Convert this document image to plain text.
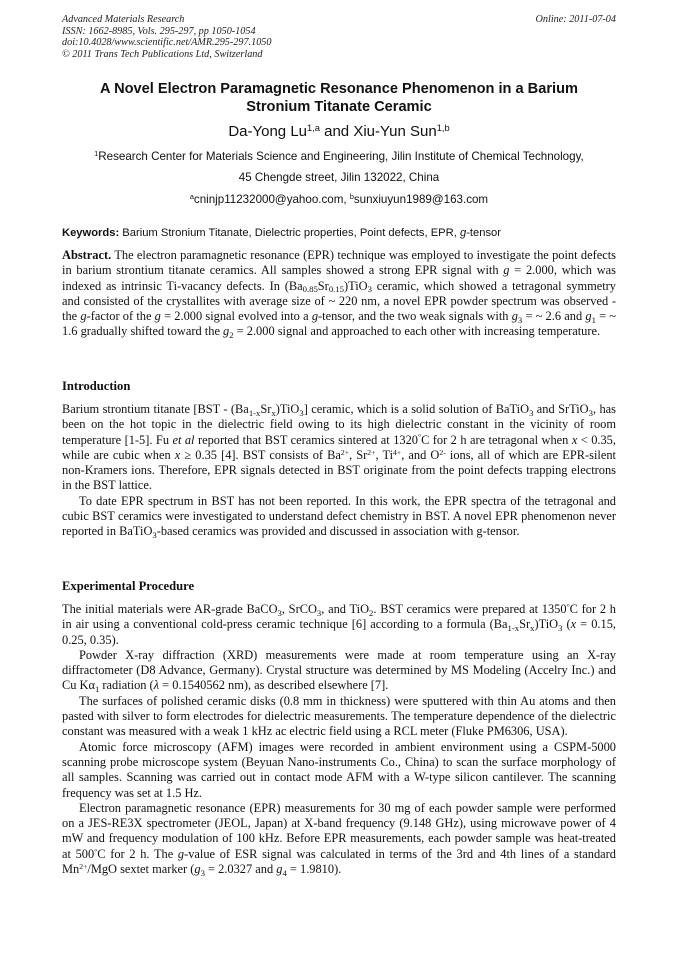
Advanced Materials Research
ISSN: 1662-8985, Vols. 295-297, pp 1050-1054
doi:10.4028/www.scientific.net/AMR.295-297.1050
© 2011 Trans Tech Publications Ltd, Switzerland
Online: 2011-07-04
A Novel Electron Paramagnetic Resonance Phenomenon in a Barium
Stronium Titanate Ceramic
Da-Yong Lu$^{1,a}$ and Xiu-Yun Sun$^{1,b}$
$^1$Research Center for Materials Science and Engineering, Jilin Institute of Chemical Technology,
45 Chengde street, Jilin 132022, China
$^a$cninjp11232000@yahoo.com, $^b$sunxiuyun1989@163.com
Keywords: Barium Stronium Titanate, Dielectric properties, Point defects, EPR, g-tensor

Abstract. The electron paramagnetic resonance (EPR) technique was employed to investigate the point defects in barium strontium titanate ceramics. All samples showed a strong EPR signal with g = 2.000, which was indexed as intrinsic Ti-vacancy defects. In $(Ba_{0.85}Sr_{0.15})TiO_3$ ceramic, which showed a tetragonal symmetry and consisted of the crystallites with average size of ~ 220 nm, a novel EPR powder spectrum was observed - the g-factor of the g = 2.000 signal evolved into a g-tensor, and the two weak signals with $g_3$ = ~ 2.6 and $g_1$ = ~ 1.6 gradually shifted toward the $g_2 = 2.000$ signal and approached to each other with increasing temperature.

Introduction

Barium strontium titanate $[BST - (Ba_{1-x}Sr_x)TiO_3]$ ceramic, which is a solid solution of BaTiO$_3$ and SrTiO$_3$, has been on the hot topic in the dielectric field owing to its high dielectric constant in the vicinity of room temperature [1-5]. Fu et al reported that BST ceramics sintered at 1320°C for 2 h are tetragonal when x < 0.35, while are cubic when x ≥ 0.35 [4]. BST consists of $Ba^{2+}$, $Sr^{2+}$, $Ti^{4+}$, and $O^{2-}$ ions, all of which are EPR-silent non-Kramers ions. Therefore, EPR signals detected in BST originate from the point defects trapping electrons in the BST lattice.

To date EPR spectrum in BST has not been reported. In this work, the EPR spectra of the tetragonal and cubic BST ceramics were investigated to understand defect chemistry in BST. A novel EPR phenomenon never reported in BaTiO$_3$-based ceramics was provided and discussed in association with g-tensor.

Experimental Procedure

The initial materials were AR-grade BaCO$_3$, SrCO$_3$, and TiO$_2$. BST ceramics were prepared at 1350°C for 2 h in air using a conventional cold-press ceramic technique [6] according to a formula $(Ba_{1-x}Sr_x)TiO_3$ (x = 0.15, 0.25, 0.35).

Powder X-ray diffraction (XRD) measurements were made at room temperature using an X-ray diffractometer (D8 Advance, Germany). Crystal structure was determined by MS Modeling (Accelry Inc.) and Cu $K\alpha_1$ radiation (λ = 0.1540562 nm), as described elsewhere [7].

The surfaces of polished ceramic disks (0.8 mm in thickness) were sputtered with thin Au atoms and then pasted with silver to form electrodes for dielectric measurements. The temperature dependence of the dielectric constant was measured with a weak 1 kHz ac electric field using a RCL meter (Fluke PM6306, USA).

Atomic force microscopy (AFM) images were recorded in ambient environment using a CSPM-5000 scanning probe microscope system (Beyuan Nano-instruments Co., China) to scan the surface morphology of all samples. Scanning was carried out in contact mode AFM with a W-type silicon cantilever. The scanning frequency was set at 1.5 Hz.

Electron paramagnetic resonance (EPR) measurements for 30 mg of each powder sample were performed on a JES-RE3X spectrometer (JEOL, Japan) at X-band frequency (9.148 GHz), using microwave power of 4 mW and frequency modulation of 100 kHz. Before EPR measurements, each powder sample was heat-treated at 500°C for 2 h. The g-value of ESR signal was calculated in terms of the 3rd and 4th lines of a standard $Mn^{2+}$/MgO sextet marker ($g_3 = 2.0327$ and $g_4 = 1.9810$).
